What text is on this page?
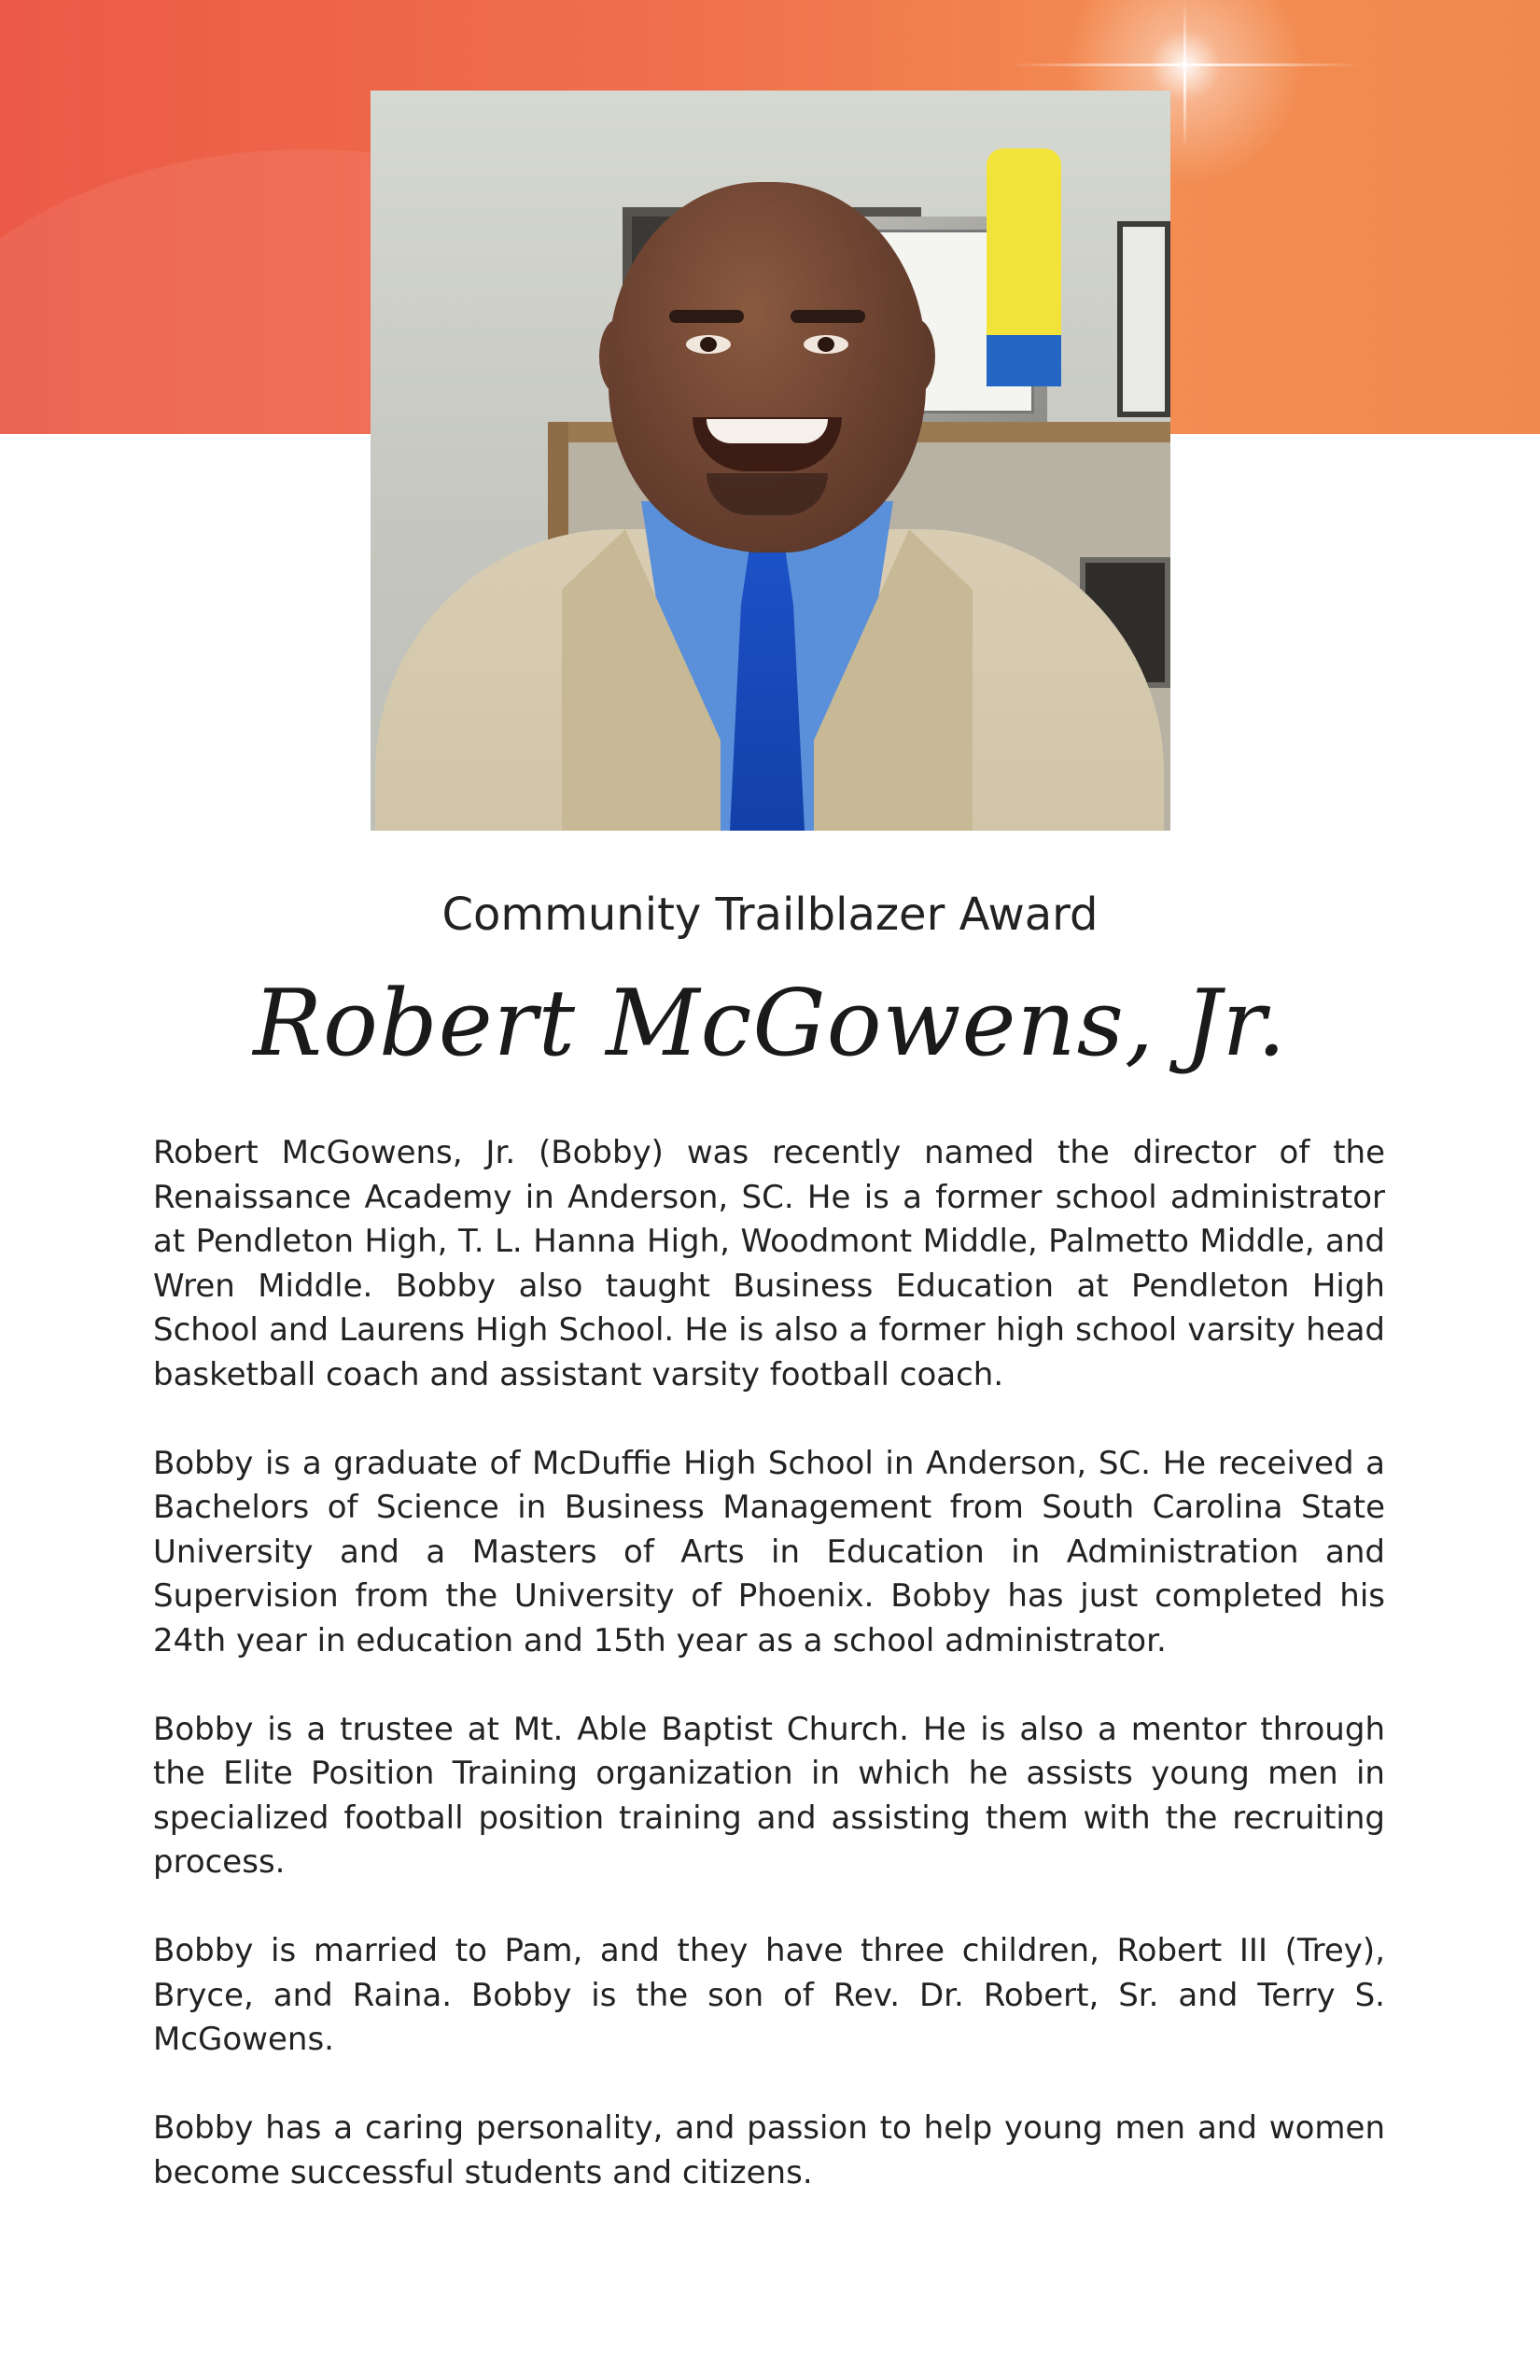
Community Trailblazer Award
Robert McGowens, Jr.

Robert McGowens, Jr. (Bobby) was recently named the director of the Renaissance Academy in Anderson, SC. He is a former school administrator at Pendleton High, T. L. Hanna High, Woodmont Middle, Palmetto Middle, and Wren Middle. Bobby also taught Business Education at Pendleton High School and Laurens High School. He is also a former high school varsity head basketball coach and assistant varsity football coach.

Bobby is a graduate of McDuffie High School in Anderson, SC. He received a Bachelors of Science in Business Management from South Carolina State University and a Masters of Arts in Education in Administration and Supervision from the University of Phoenix. Bobby has just completed his 24th year in education and 15th year as a school administrator.

Bobby is a trustee at Mt. Able Baptist Church. He is also a mentor through the Elite Position Training organization in which he assists young men in specialized football position training and assisting them with the recruiting process.

Bobby is married to Pam, and they have three children, Robert III (Trey), Bryce, and Raina. Bobby is the son of Rev. Dr. Robert, Sr. and Terry S. McGowens.

Bobby has a caring personality, and passion to help young men and women become successful students and citizens.
